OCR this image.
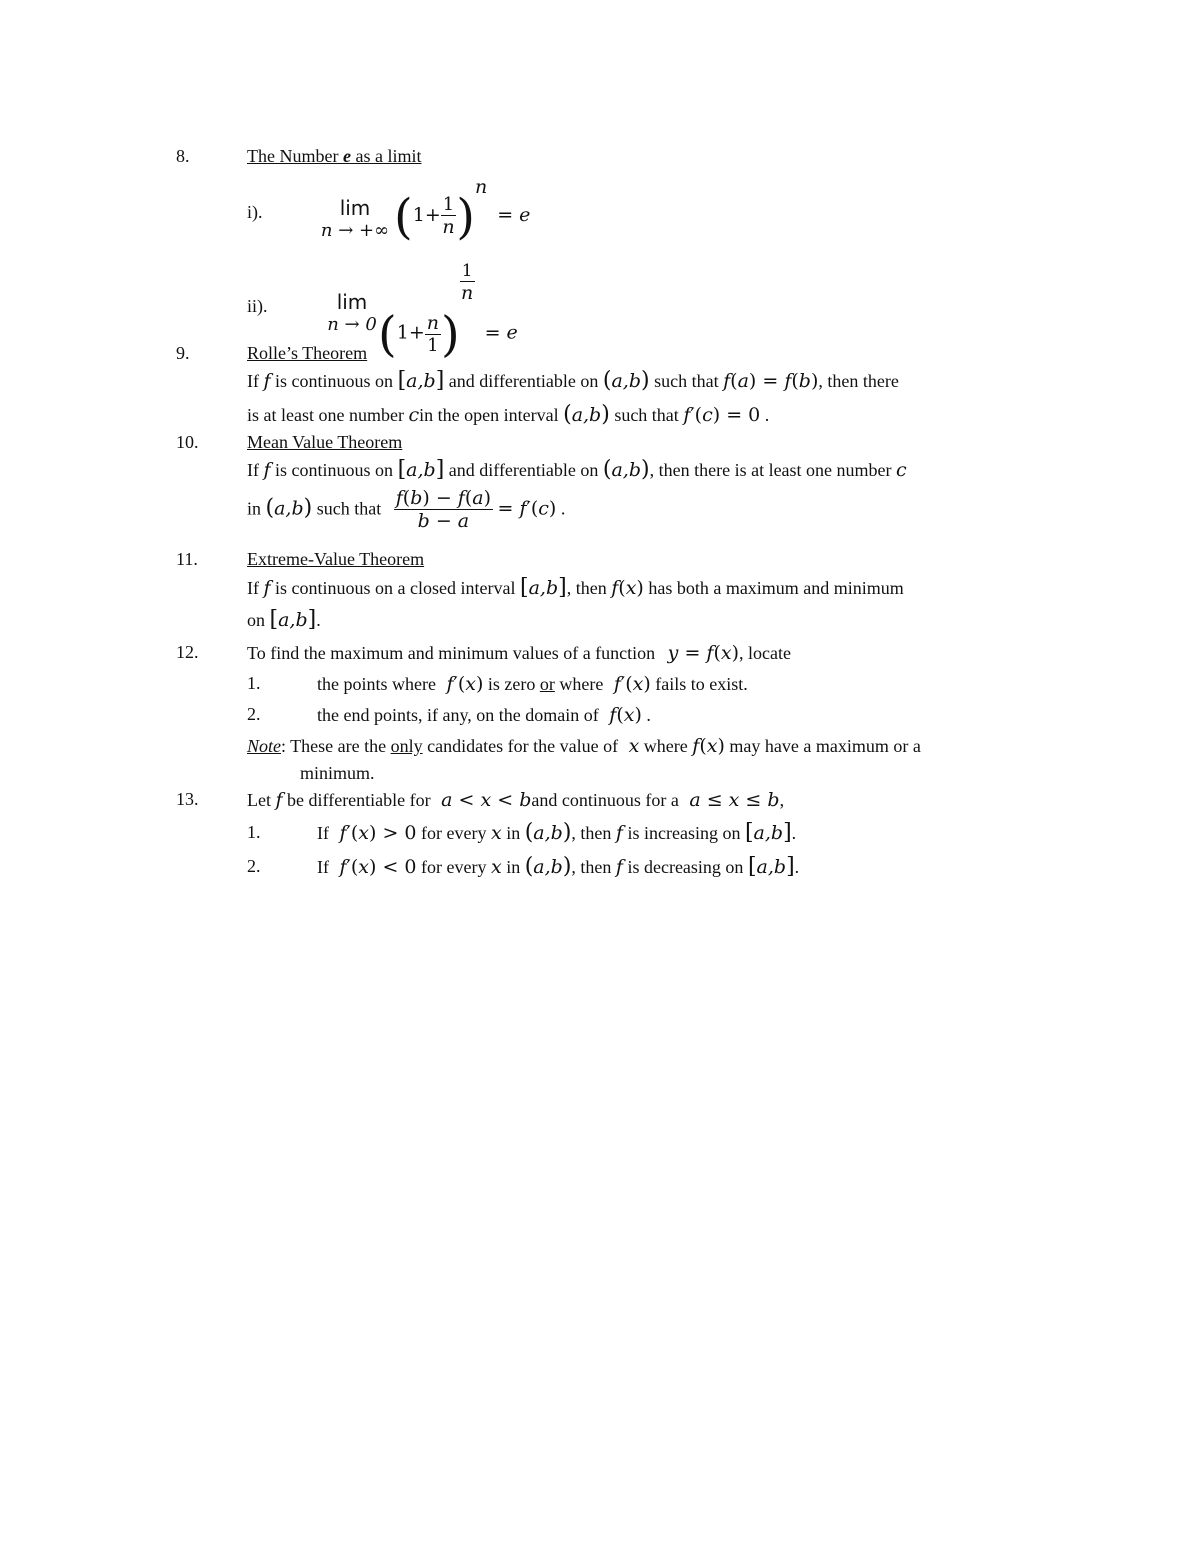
8.	The Number e as a limit
i).	lim
n → +∞ $(1+ \frac{1}{n} )^n= e$
ii).	lim
n → 0 ($1+ \frac{n}{1}$ )
$\frac{1}{n}$
= e
9.	Rolle’s Theorem
If f is continuous on [a,b] and differentiable on (a,b) such that f(a) = f(b), then there
is at least one number cin the open interval (a,b) such that f′(c) = 0 .
10.	Mean Value Theorem
If f is continuous on [a,b] and differentiable on (a,b), then there is at least one number c
in (a,b) such that $\frac{f(b) - f(a)}{b - a} = f'(c)$ .
11.	Extreme-Value Theorem
If f is continuous on a closed interval [a,b], then f(x) has both a maximum and minimum
on [a,b].
12.	To find the maximum and minimum values of a function y = f(x), locate
1.	the points where f′(x) is zero or where f′(x) fails to exist.
2.	the end points, if any, on the domain of f(x) .
Note: These are the only candidates for the value of x where f(x) may have a maximum or a
minimum.
13.	Let f be differentiable for a < x < band continuous for a a ≤ x ≤ b,
1.	If f′(x) > 0 for every x in (a,b), then f is increasing on [a,b].
2.	If f′(x) < 0 for every x in (a,b), then f is decreasing on [a,b].
